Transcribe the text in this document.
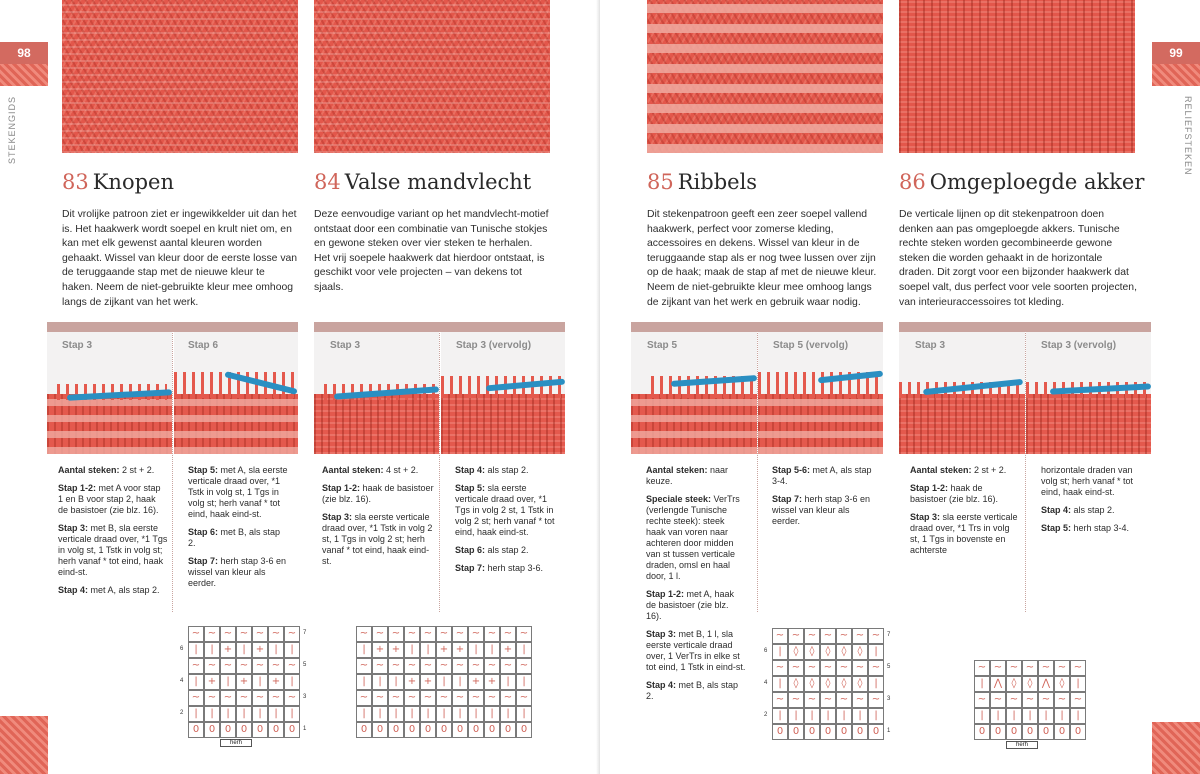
98
STEKENGIDS
83 Knopen
Dit vrolijke patroon ziet er ingewikkelder uit dan het is. Het haakwerk wordt soepel en krult niet om, en kan met elk gewenst aantal kleuren worden gehaakt. Wissel van kleur door de eerste losse van de teruggaande stap met de nieuwe kleur te haken. Neem de niet-gebruikte kleur mee omhoog langs de zijkant van het werk.
Stap 3	Stap 6

Aantal steken: 2 st + 2.

Stap 1-2: met A voor stap 1 en B voor stap 2, haak de basistoer (zie blz. 16).

Stap 3: met B, sla eerste verticale draad over, *1 Tgs in volg st, 1 Tstk in volg st; herh vanaf * tot eind, haak eind-st.

Stap 4: met A, als stap 2.

Stap 5: met A, sla eerste verticale draad over, *1 Tstk in volg st, 1 Tgs in volg st; herh vanaf * tot eind, haak eind-st.

Stap 6: met B, als stap 2.

Stap 7: herh stap 3-6 en wissel van kleur als eerder.

~ ~ ~ ~ ~ ~ ~	7
|	|	+	|	+	|	|
6
~ ~ ~ ~ ~ ~ ~	5
|	+	|	+	|	+	|
4
~ ~ ~ ~ ~ ~ ~	3
|	|	|	|	|	|	|
2
0 0 0 0 0 0 0	1
herh
84 Valse mandvlecht
Deze eenvoudige variant op het mandvlecht-motief ontstaat door een combinatie van Tunische stokjes en gewone steken over vier steken te herhalen. Het vrij soepele haakwerk dat hierdoor ontstaat, is geschikt voor vele projecten – van dekens tot sjaals.
Stap 3	Stap 3 (vervolg)

Aantal steken: 4 st + 2.

Stap 1-2: haak de basistoer (zie blz. 16).

Stap 3: sla eerste verticale draad over, *1 Tstk in volg 2 st, 1 Tgs in volg 2 st; herh vanaf * tot eind, haak eind-st.

Stap 4: als stap 2.

Stap 5: sla eerste verticale draad over, *1 Tgs in volg 2 st, 1 Tstk in volg 2 st; herh vanaf * tot eind, haak eind-st.

Stap 6: als stap 2.

Stap 7: herh stap 3-6.

~ ~ ~ ~ ~ ~ ~ ~ ~ ~ ~
|	+ +	|	|	+ +	|	|	+	|
~ ~ ~ ~ ~ ~ ~ ~ ~ ~ ~
|	|	|	+ +	|	|	+ +	|	|
~ ~ ~ ~ ~ ~ ~ ~ ~ ~ ~
|	|	|	|	|	|	|	|	|	|	|
0 0 0 0 0 0 0 0 0 0 0
99
RELIEFSTEKEN
85 Ribbels
Dit stekenpatroon geeft een zeer soepel vallend haakwerk, perfect voor zomerse kleding, accessoires en dekens. Wissel van kleur in de teruggaande stap als er nog twee lussen over zijn op de haak; maak de stap af met de nieuwe kleur. Neem de niet-gebruikte kleur mee omhoog langs de zijkant van het werk en gebruik waar nodig.
Stap 5	Stap 5 (vervolg)

Aantal steken: naar keuze.

Speciale steek: VerTrs (verlengde Tunische rechte steek): steek haak van voren naar achteren door midden van st tussen verticale draden, omsl en haal door, 1 l.

Stap 1-2: met A, haak de basistoer (zie blz. 16).

Stap 3: met B, 1 l, sla eerste verticale draad over, 1 VerTrs in elke st tot eind, 1 Tstk in eind-st.

Stap 4: met B, als stap 2.

Stap 5-6: met A, als stap 3-4.

Stap 7: herh stap 3-6 en wissel van kleur als eerder.

~ ~ ~ ~ ~ ~ ~	7
|	◊	◊	◊	◊	◊	|
6
~ ~ ~ ~ ~ ~ ~	5
|	◊	◊	◊	◊	◊	|
4
~ ~ ~ ~ ~ ~ ~	3
|	|	|	|	|	|	|
2
0 0 0 0 0 0 0	1
86 Omgeploegde akker
De verticale lijnen op dit stekenpatroon doen denken aan pas omgeploegde akkers. Tunische rechte steken worden gecombineerde gewone steken die worden gehaakt in de horizontale draden. Dit zorgt voor een bijzonder haakwerk dat soepel valt, dus perfect voor vele soorten projecten, van interieuraccessoires tot kleding.
Stap 3	Stap 3 (vervolg)

Aantal steken: 2 st + 2.

Stap 1-2: haak de basistoer (zie blz. 16).

Stap 3: sla eerste verticale draad over, *1 Trs in volg st, 1 Tgs in bovenste en achterste

horizontale draden van volg st; herh vanaf * tot eind, haak eind-st.

Stap 4: als stap 2.

Stap 5: herh stap 3-4.

~ ~ ~ ~ ~ ~ ~
|	⋀ ◊	◊ ⋀ ◊	|
~ ~ ~ ~ ~ ~ ~
|	|	|	|	|	|	|
0 0 0 0 0 0 0
herh
